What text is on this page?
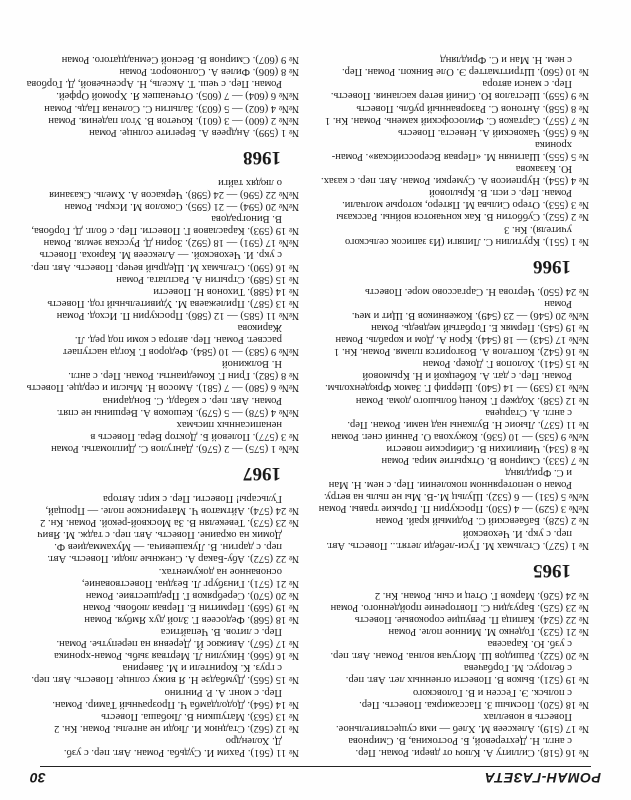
РОМАН-ГАЗЕТА
30
№ 16 (518). Силлиту А. Ключ от двери. Роман. Пер.
с англ. Н. Дехтеревой, Б. Ростокина, В. Смирнова
№ 17 (519). Алексеев М. Хлеб — имя существительное.
Повесть в новеллах
№ 18 (520). Посмыш З. Пассажирка. Повесть. Пер.
с польск. Э. Гессен и В. Головского
№ 19 (521). Быков В. Повести огненных лет. Авт. пер.
с белорус. М. Горбачева
№ 20 (522). Рашидов Ш. Могучая волна. Роман. Авт. пер.
с узб. Ю. Карасева
№ 21 (523). Годенко М. Минное поле. Роман
№ 22 (524). Капица П. Ревущие сороковые. Повесть
№ 23 (525). Баруздин С. Повторение пройденного. Роман
№ 24 (526). Марков Г. Отец и сын. Роман. Кн. 2
1965
№ 1 (527). Стельмах М. Гуси-лебеди летят... Повесть. Авт.
пер. с укр. И. Чеховской
№ 2 (528). Бабаевский С. Родимый край. Роман
№№ 3 (529) — 4 (530). Проскурин П. Горькие травы. Роман
№№ 5 (531) — 6 (532). Шульц М.-В. Мы не пыль на ветру.
Роман о непотерянном поколении. Пер. с нем. Н. Ман
и С. Фридлянд
№ 7 (533). Смирнов В. Открытие мира. Роман
№ 8 (534). Чивилихин В. Сибирские повести
№№ 9 (535) — 10 (536). Кожухова О. Ранний снег. Роман
№ 11 (537). Льюис Н. Вулканы над нами. Роман. Пер.
с англ. А. Старцева
№ 12 (538). Ходжер Г. Конец большого дома. Роман
№№ 13 (539) — 14 (540). Шерриф Г. Замок Фрюденхольм.
Роман. Пер. с дат. А. Кобецкой и Н. Крымовой
№ 15 (541). Холопов Г. Докер. Роман
№ 16 (542). Коптелов А. Возгорится пламя. Роман. Кн. 1
№№ 17 (543) — 18 (544). Крон А. Дом и корабль. Роман
№ 19 (545). Пермяк Е. Горбатый медведь. Роман
№№ 20 (546) — 23 (549). Кожевников В. Щит и меч.
Роман
№ 24 (550). Чертова Н. Саргассово море. Повесть
1966
№ 1 (551). Крутилин С. Липяги (Из записок сельского
учителя). Кн. 3
№ 2 (552). Субботин В. Как кончаются войны. Рассказы
№ 3 (553). Отеро Сильва М. Пятеро, которые молчали.
Роман. Пер. с исп. В. Крыловой
№ 4 (554). Нурпеисов А. Сумерки. Роман. Авт. пер. с казах.
Ю. Казакова
№ 5 (555). Шагинян М. «Первая Всероссийская». Роман-
хроника
№ 6 (556). Чаковский А. Невеста. Повесть
№ 7 (557). Сартаков С. Философский камень. Роман. Кн. 1
№ 8 (558). Антонов С. Разорванный рубль. Повесть
№ 9 (559). Шесталов Ю. Синий ветер каслания. Повесть.
Пер. с манси автора
№ 10 (560). Штриттматтер Э. Оле Бинкоп. Роман. Пер.
с нем. Н. Ман и С. Фридлянд
№ 11 (561). Рахим И. Судьба. Роман. Авт. пер. с узб.
Д. Холендро
№ 12 (562). Стаднюк И. Люди не ангелы. Роман. Кн. 2
№ 13 (563). Матушкин В. Любаша. Повесть
№ 14 (564). Додолдамба Ч. Прозрачный Тамир. Роман.
Пер. с монг. А. Р. Рингино
№ 15 (565). Думбадзе Н. Я вижу солнце. Повесть. Авт. пер.
с груз. К. Коринтели и М. Заверина
№ 16 (566). Никулин Л. Мертвая зыбь. Роман-хроника
№ 17 (567). Авижюс Й. Деревня на перепутье. Роман.
Пер. с литов. В. Чепайтиса
№ 18 (568). Федосеев Г. Злой дух Ямбуя. Роман
№ 19 (569). Пермитин Е. Первая любовь. Роман
№ 20 (570). Серебряков Г. Предшествие. Роман
№ 21 (571). Гинзбург Л. Бездна. Повествование,
основанное на документах.
№ 22 (572). Абу-Бакар А. Снежные люди. Повесть. Авт.
пер. с даргин. В. Лукашевича. — Мухаммадиев Ф.
Домик на окраине. Повесть. Авт. пер. с тадж. М. Явич
№ 23 (573). Тевекелян В. За Москвой-рекой. Роман. Кн. 2
№ 24 (574). Айтматов Ч. Материнское поле. — Прощай,
Гульсары! Повести. Пер. с кирг. Автора
1967
№№ 1 (575) — 2 (576). Дангулов С. Дипломаты. Роман
№ 3 (577). Полевой Б. Доктор Вера. Повесть в
ненаписанных письмах
№№ 4 (578) — 5 (579). Кешоков А. Вершины не спят.
Роман. Авт. пер. с кабард. С. Бондарина
№№ 6 (580) — 7 (581). Амосов Н. Мысли и сердце. Повесть
№ 8 (582). Грин Г. Комедианты. Роман. Пер. с англ.
Н. Волжиной
№№ 9 (583) — 10 (584). Федоров Г. Когда наступает
рассвет. Роман. Пер. автора с коми под ред. Л.
Жарикова
№№ 11 (585) — 12 (586). Проскурин П. Исход. Роман
№ 13 (587). Прилежаева М. Удивительный год. Повесть
№ 14 (588). Тихонов Н. Повести
№ 15 (589). Стрыгин А. Расплата. Роман
№ 16 (590). Стельмах М. Щедрый вечер. Повесть. Авт. пер.
с укр. И. Чеховской. — Алексеев М. Карюха. Повесть
№№ 17 (591) — 18 (592). Зорин Д. Русская земля. Роман
№ 19 (593). Караславов Г. Повести. Пер. с болг. Д. Горбова,
В. Виноградова
№№ 20 (594) — 21 (595). Соколов М. Искры. Роман
№№ 22 (596) — 24 (598). Черкасов А. Хмель. Сказания
о людях тайги
1968
№ 1 (599). Андреев А. Берегите солнце. Роман
№№ 2 (600) — 3 (601). Кочетов В. Угол падения. Роман
№№ 4 (602) — 5 (603). Залыгин С. Соленая Падь. Роман
№№ 6 (604) — 7 (605). Отченашек Я. Хромой Орфей.
Роман. Пер. с чеш. Т. Аксель, Н. Арсеньевой, Д. Горбова
№ 8 (606). Филев А. Солноворот. Роман
№ 9 (607). Смирнов В. Весной Семнадцатого. Роман
